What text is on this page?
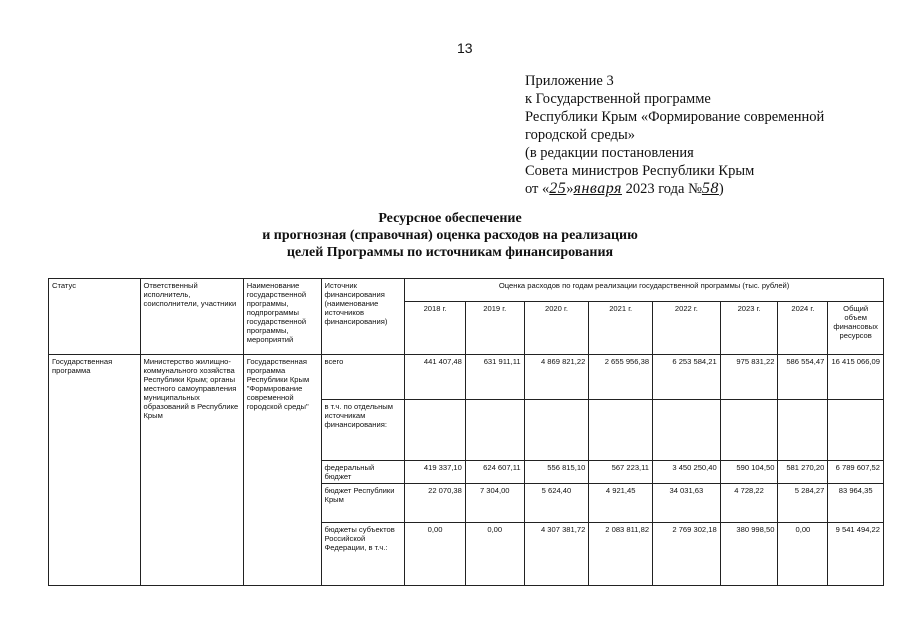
13
Приложение 3
к Государственной программе
Республики Крым «Формирование современной
городской среды»
(в редакции постановления
Совета министров Республики Крым
от «25»января 2023 года №58)
Ресурсное обеспечение
и прогнозная (справочная) оценка расходов на реализацию
целей Программы по источникам финансирования
Статус	Ответственный исполнитель, соисполнители, участники	Наименование государственной программы, подпрограммы государственной программы, мероприятий	Источник финансирования (наименование источников финансирования)	Оценка расходов по годам реализации государственной программы (тыс. рублей)							
				2018 г.	2019 г.	2020 г.	2021 г.	2022 г.	2023 г.	2024 г.	Общий объем финансовых ресурсов
Государственная программа	Министерство жилищно-коммунального хозяйства Республики Крым; органы местного самоуправления муниципальных образований в Республике Крым	Государственная программа Республики Крым "Формирование современной городской среды"	всего	441 407,48	631 911,11	4 869 821,22	2 655 956,38	6 253 584,21	975 831,22	586 554,47	16 415 066,09
			в т.ч. по отдельным источникам финансирования:								
			федеральный бюджет	419 337,10	624 607,11	556 815,10	567 223,11	3 450 250,40	590 104,50	581 270,20	6 789 607,52
			бюджет Республики Крым	22 070,38	7 304,00	5 624,40	4 921,45	34 031,63	4 728,22	5 284,27	83 964,35
			бюджеты субъектов Российской Федерации, в т.ч.:	0,00	0,00	4 307 381,72	2 083 811,82	2 769 302,18	380 998,50	0,00	9 541 494,22
